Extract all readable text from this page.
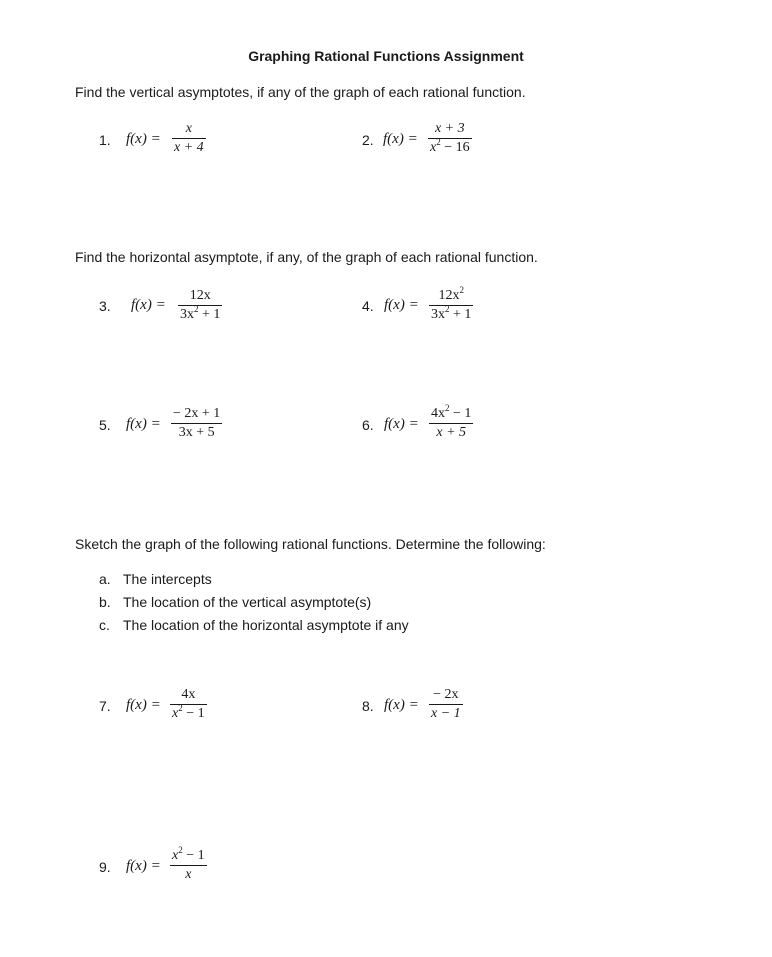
Graphing Rational Functions Assignment
Find the vertical asymptotes, if any of the graph of each rational function.
1. $f(x) = \frac{x}{x + 4}$	2. $f(x) = \frac{x + 3}{x^2 - 16}$
Find the horizontal asymptote, if any, of the graph of each rational function.
3. $f(x) = \frac{12x}{3x^2 + 1}$	4. $f(x) = \frac{12x^2}{3x^2 + 1}$
5. $f(x) = \frac{- 2x + 1}{3x + 5}$	6. $f(x) = \frac{4x^2 - 1}{x + 5}$
Sketch the graph of the following rational functions. Determine the following:
a. The intercepts
b. The location of the vertical asymptote(s)
c. The location of the horizontal asymptote if any
7. $f(x) = \frac{4x}{x^2 - 1}$	8. $f(x) = \frac{- 2x}{x - 1}$
9. $f(x) = \frac{x^2 - 1}{x}$
